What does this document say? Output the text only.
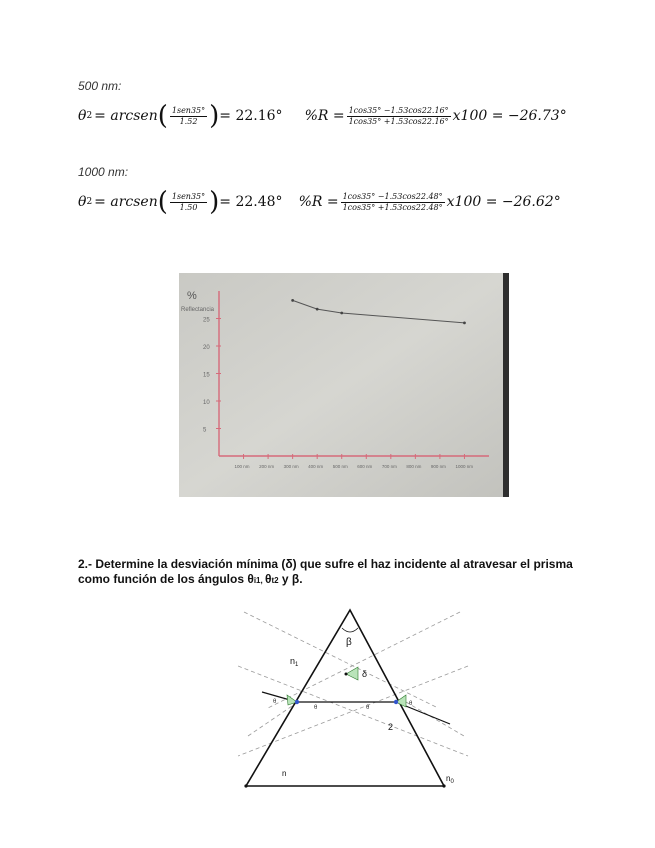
500 nm:
θ 2 = arcsen ( $\frac{\text{1sen35°}}{1.52}$ ) = 22.16° $\%R = \frac{1\cos 35^\circ -1.53\cos 22.16^\circ}{1\cos 35^\circ +1.53\cos 22.16^\circ} x100 = -26.73^\circ$
1000 nm:
θ 2 = arcsen ( $\frac{\text{1sen35°}}{1.50}$ ) = 22.48° $\%R = \frac{1\cos 35^\circ -1.53\cos 22.48^\circ}{1\cos 35^\circ +1.53\cos 22.48^\circ} x100 = -26.62^\circ$
%
Reflectancia
25
20
15
10
5
100 nm 200 nm 300 nm 400 nm 500 nm 600 nm 700 nm 800 nm 900 nm 1000 nm
2.- Determine la desviación mínima (δ) que sufre el haz incidente al atravesar el prisma como función de los ángulos θi1, θt2 y β.
β
δ
$n_1$
n
$n_0$
θ
θ	θ
θ
2
